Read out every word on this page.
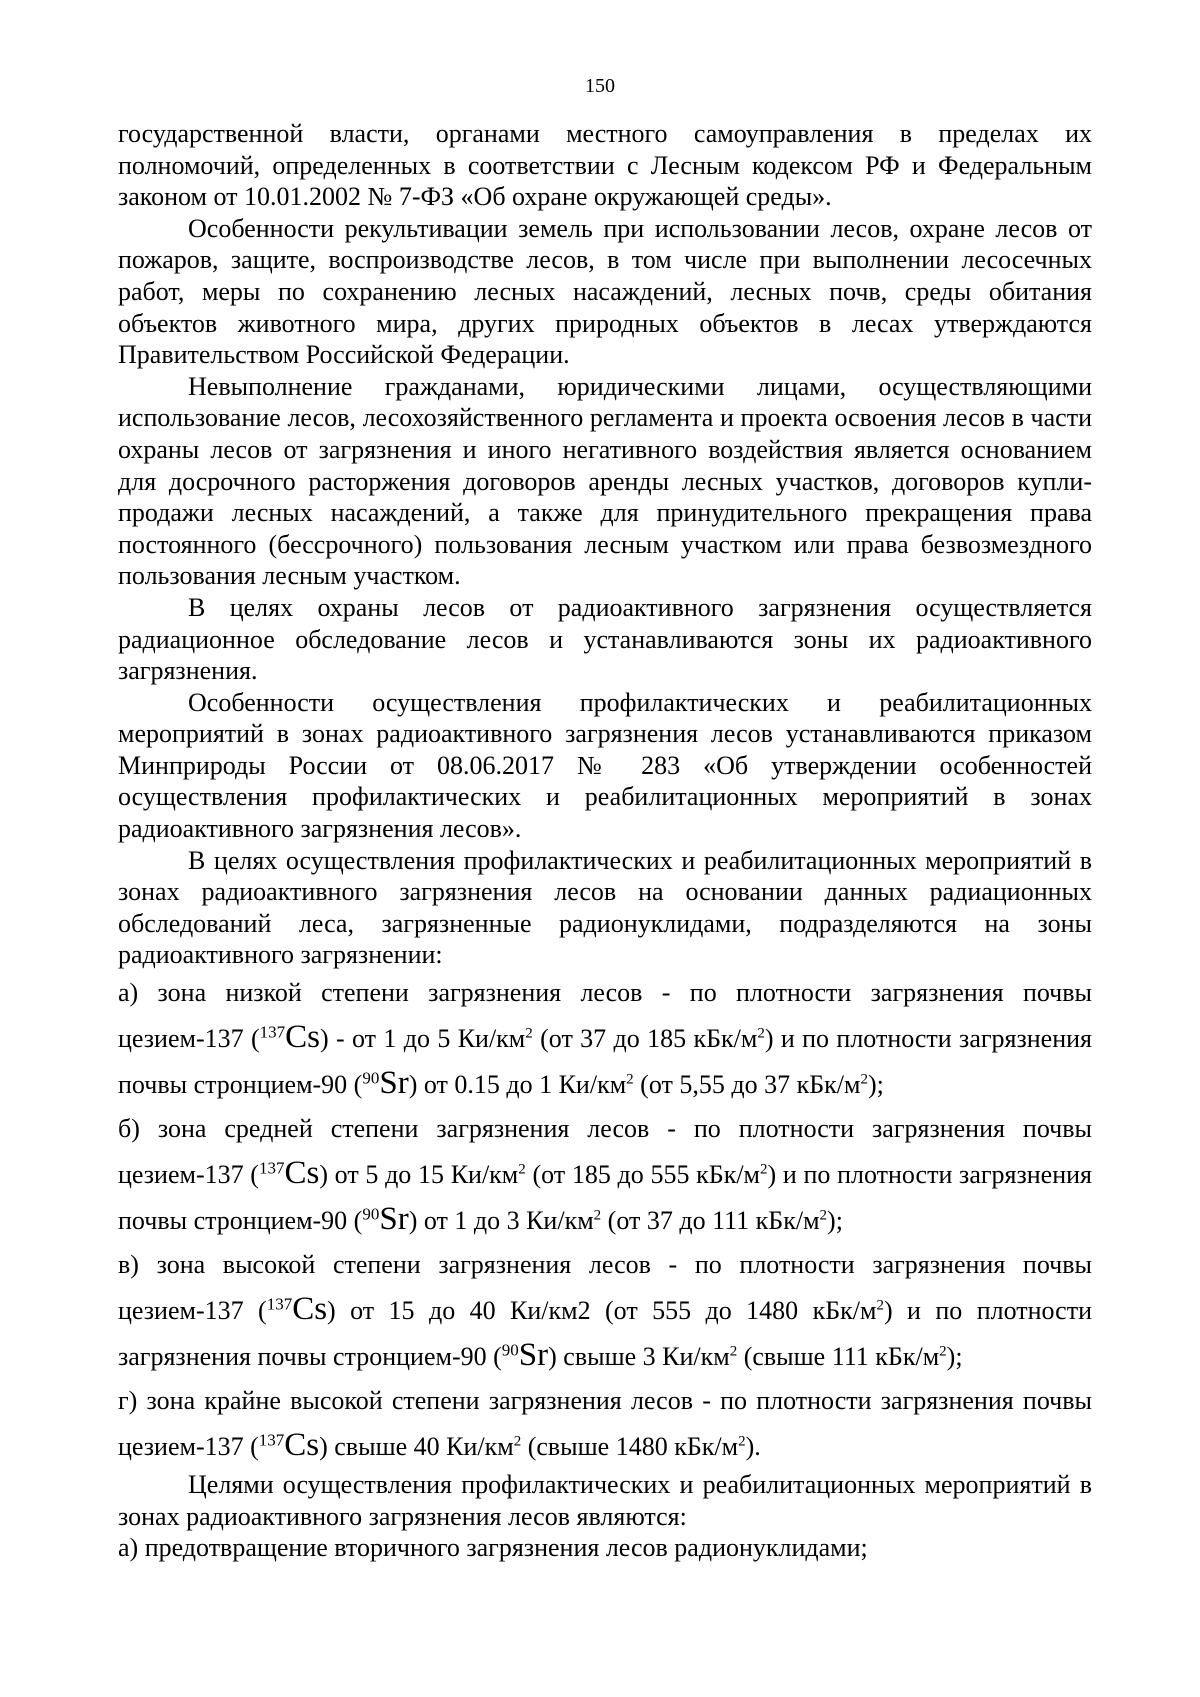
150

государственной власти, органами местного самоуправления в пределах их полномочий, определенных в соответствии с Лесным кодексом РФ и Федеральным законом от 10.01.2002 № 7-ФЗ «Об охране окружающей среды».

Особенности рекультивации земель при использовании лесов, охране лесов от пожаров, защите, воспроизводстве лесов, в том числе при выполнении лесосечных работ, меры по сохранению лесных насаждений, лесных почв, среды обитания объектов животного мира, других природных объектов в лесах утверждаются Правительством Российской Федерации.

Невыполнение гражданами, юридическими лицами, осуществляющими использование лесов, лесохозяйственного регламента и проекта освоения лесов в части охраны лесов от загрязнения и иного негативного воздействия является основанием для досрочного расторжения договоров аренды лесных участков, договоров купли-продажи лесных насаждений, а также для принудительного прекращения права постоянного (бессрочного) пользования лесным участком или права безвозмездного пользования лесным участком.

В целях охраны лесов от радиоактивного загрязнения осуществляется радиационное обследование лесов и устанавливаются зоны их радиоактивного загрязнения.

Особенности осуществления профилактических и реабилитационных мероприятий в зонах радиоактивного загрязнения лесов устанавливаются приказом Минприроды России от 08.06.2017 № 283 «Об утверждении особенностей осуществления профилактических и реабилитационных мероприятий в зонах радиоактивного загрязнения лесов».

В целях осуществления профилактических и реабилитационных мероприятий в зонах радиоактивного загрязнения лесов на основании данных радиационных обследований леса, загрязненные радионуклидами, подразделяются на зоны радиоактивного загрязнении:

а) зона низкой степени загрязнения лесов - по плотности загрязнения почвы цезием-137 ($^{137}$Cs) - от 1 до 5 $Ки/км^2$ (от 37 до 185 кБк/$м^2$) и по плотности загрязнения почвы стронцием-90 ($^{90}$Sr) от 0.15 до 1 $Ки/км^2$ (от 5,55 до 37 кБк/$м^2$);

б) зона средней степени загрязнения лесов - по плотности загрязнения почвы цезием-137 ($^{137}$Cs) от 5 до 15 $Ки/км^2$ (от 185 до 555 кБк/$м^2$) и по плотности загрязнения почвы стронцием-90 ($^{90}$Sr) от 1 до 3 $Ки/км^2$ (от 37 до 111 кБк/$м^2$);

в) зона высокой степени загрязнения лесов - по плотности загрязнения почвы цезием-137 ($^{137}$Cs) от 15 до 40 Ки/км2 (от 555 до 1480 кБк/$м^2$) и по плотности загрязнения почвы стронцием-90 ($^{90}$Sr) свыше 3 $Ки/км^2$ (свыше 111 кБк/$м^2$);

г) зона крайне высокой степени загрязнения лесов - по плотности загрязнения почвы цезием-137 ($^{137}$Cs) свыше 40 $Ки/км^2$ (свыше 1480 кБк/$м^2$).

Целями осуществления профилактических и реабилитационных мероприятий в зонах радиоактивного загрязнения лесов являются:

а) предотвращение вторичного загрязнения лесов радионуклидами;
